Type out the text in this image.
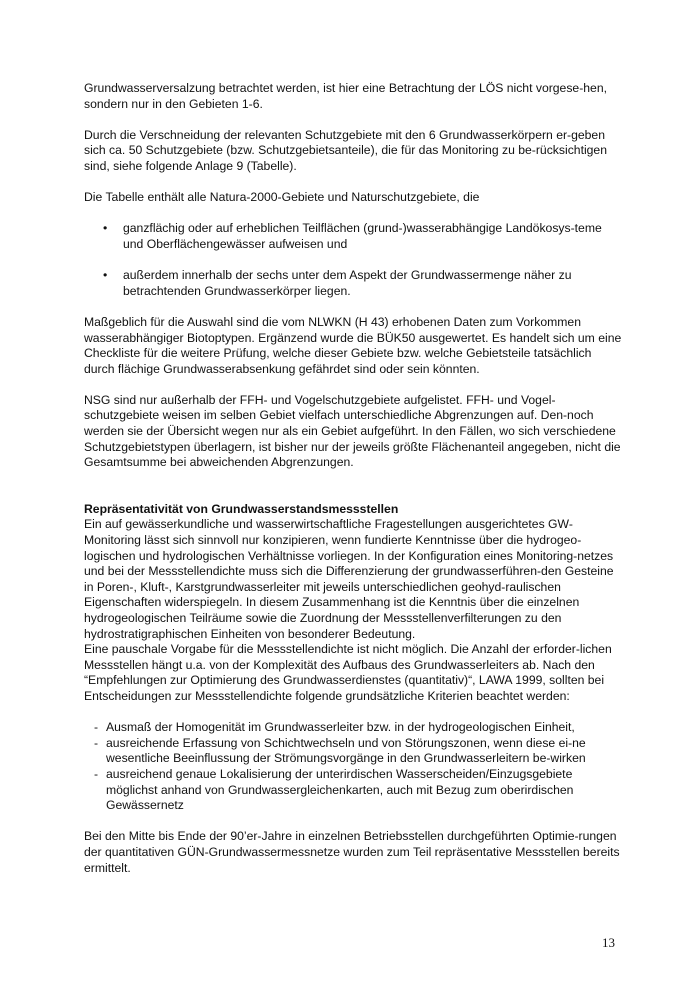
Grundwasserversalzung betrachtet werden, ist hier eine Betrachtung der LÖS nicht vorgese-hen, sondern nur in den Gebieten 1-6.

Durch die Verschneidung der relevanten Schutzgebiete mit den 6 Grundwasserkörpern er-geben sich ca. 50 Schutzgebiete (bzw. Schutzgebietsanteile), die für das Monitoring zu be-rücksichtigen sind, siehe folgende Anlage 9 (Tabelle).

Die Tabelle enthält alle Natura-2000-Gebiete und Naturschutzgebiete, die

• ganzflächig oder auf erheblichen Teilflächen (grund-)wasserabhängige Landökosys-teme und Oberflächengewässer aufweisen und
• außerdem innerhalb der sechs unter dem Aspekt der Grundwassermenge näher zu betrachtenden Grundwasserkörper liegen.

Maßgeblich für die Auswahl sind die vom NLWKN (H 43) erhobenen Daten zum Vorkommen wasserabhängiger Biotoptypen. Ergänzend wurde die BÜK50 ausgewertet. Es handelt sich um eine Checkliste für die weitere Prüfung, welche dieser Gebiete bzw. welche Gebietsteile tatsächlich durch flächige Grundwasserabsenkung gefährdet sind oder sein könnten.

NSG sind nur außerhalb der FFH- und Vogelschutzgebiete aufgelistet. FFH- und Vogel-schutzgebiete weisen im selben Gebiet vielfach unterschiedliche Abgrenzungen auf. Den-noch werden sie der Übersicht wegen nur als ein Gebiet aufgeführt. In den Fällen, wo sich verschiedene Schutzgebietstypen überlagern, ist bisher nur der jeweils größte Flächenanteil angegeben, nicht die Gesamtsumme bei abweichenden Abgrenzungen.

Repräsentativität von Grundwasserstandsmessstellen

Ein auf gewässerkundliche und wasserwirtschaftliche Fragestellungen ausgerichtetes GW-Monitoring lässt sich sinnvoll nur konzipieren, wenn fundierte Kenntnisse über die hydrogeo-logischen und hydrologischen Verhältnisse vorliegen. In der Konfiguration eines Monitoring-netzes und bei der Messstellendichte muss sich die Differenzierung der grundwasserführen-den Gesteine in Poren-, Kluft-, Karstgrundwasserleiter mit jeweils unterschiedlichen geohyd-raulischen Eigenschaften widerspiegeln. In diesem Zusammenhang ist die Kenntnis über die einzelnen hydrogeologischen Teilräume sowie die Zuordnung der Messstellenverfilterungen zu den hydrostratigraphischen Einheiten von besonderer Bedeutung.

Eine pauschale Vorgabe für die Messstellendichte ist nicht möglich. Die Anzahl der erforder-lichen Messstellen hängt u.a. von der Komplexität des Aufbaus des Grundwasserleiters ab. Nach den “Empfehlungen zur Optimierung des Grundwasserdienstes (quantitativ)“, LAWA 1999, sollten bei Entscheidungen zur Messstellendichte folgende grundsätzliche Kriterien beachtet werden:

- Ausmaß der Homogenität im Grundwasserleiter bzw. in der hydrogeologischen Einheit,
- ausreichende Erfassung von Schichtwechseln und von Störungszonen, wenn diese ei-ne wesentliche Beeinflussung der Strömungsvorgänge in den Grundwasserleitern be-wirken
- ausreichend genaue Lokalisierung der unterirdischen Wasserscheiden/Einzugsgebiete möglichst anhand von Grundwassergleichenkarten, auch mit Bezug zum oberirdischen Gewässernetz

Bei den Mitte bis Ende der 90’er-Jahre in einzelnen Betriebsstellen durchgeführten Optimie-rungen der quantitativen GÜN-Grundwassermessnetze wurden zum Teil repräsentative Messstellen bereits ermittelt.

13
